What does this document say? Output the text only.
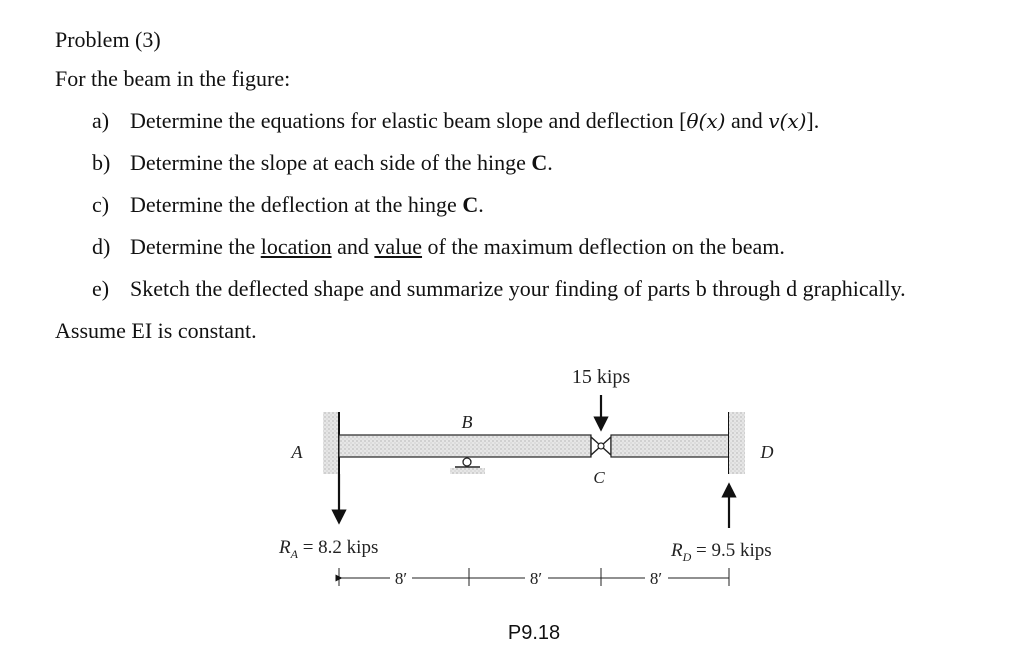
Problem (3)
For the beam in the figure:
a) Determine the equations for elastic beam slope and deflection [θ(x) and v(x)].
b) Determine the slope at each side of the hinge C.
c) Determine the deflection at the hinge C.
d) Determine the location and value of the maximum deflection on the beam.
e) Sketch the deflected shape and summarize your finding of parts b through d graphically.
Assume EI is constant.
15 kips
A
B
C
D
$R_A = 8.2$ kips	$R_D = 9.5$ kips
8′	8′	8′
P9.18
